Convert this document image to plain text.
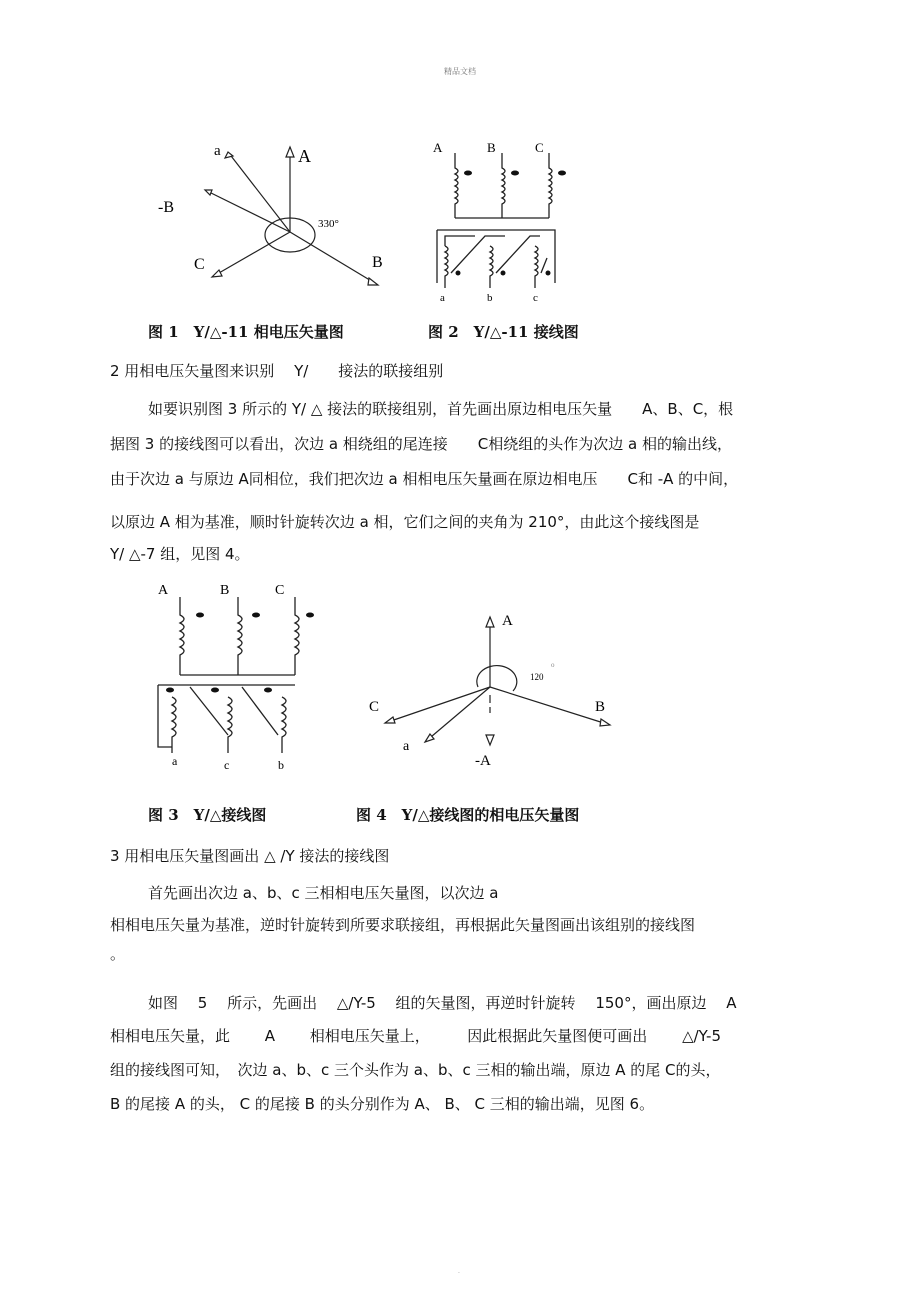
精品文档
a	A
-B
C	B
330°
A	B	C
a	b	c
图 1　Y/△-11 相电压矢量图	图 2　Y/△-11 接线图
2 用相电压矢量图来识别　 Y/　　接法的联接组别
如要识别图 3 所示的 Y/ △ 接法的联接组别，首先画出原边相电压矢量　　A、B、C，根
据图 3 的接线图可以看出，次边 a 相绕组的尾连接　　C相绕组的头作为次边 a 相的输出线，
由于次边 a 与原边 A同相位，我们把次边 a 相相电压矢量画在原边相电压　　C和 -A 的中间，
以原边 A 相为基准，顺时针旋转次边 a 相，它们之间的夹角为 210°，由此这个接线图是
Y/ △-7 组，见图 4。
A	B	C
a	c	b
A
C	B
a
-A
120
o
图 3　Y/△接线图	图 4　Y/△接线图的相电压矢量图
3 用相电压矢量图画出 △ /Y 接法的接线图
首先画出次边 a、b、c 三相相电压矢量图，以次边 a
相相电压矢量为基准，逆时针旋转到所要求联接组，再根据此矢量图画出该组别的接线图
。
如图　 5　 所示，先画出　 △/Y-5　 组的矢量图，再逆时针旋转　 150°，画出原边　 A
相相电压矢量，此　　 A　　 相相电压矢量上，　　　因此根据此矢量图便可画出　　 △/Y-5
组的接线图可知，　次边 a、b、c 三个头作为 a、b、c 三相的输出端，原边 A 的尾 C的头，
B 的尾接 A 的头， C 的尾接 B 的头分别作为 A、 B、 C 三相的输出端，见图 6。
.
